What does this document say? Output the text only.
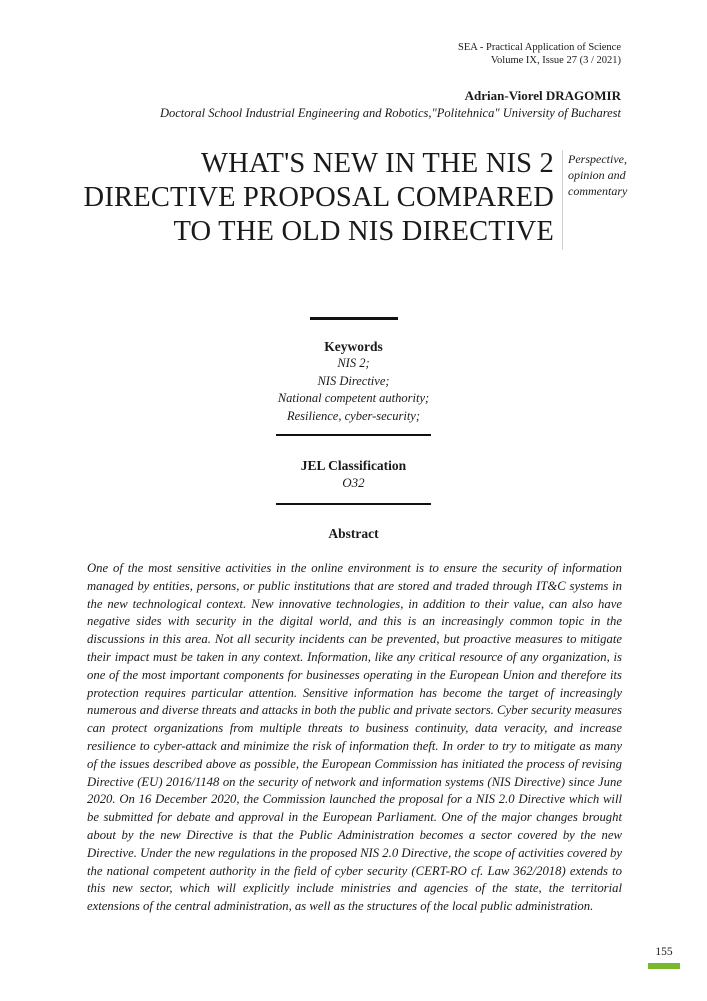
SEA - Practical Application of Science
Volume IX, Issue 27 (3 / 2021)
Adrian-Viorel DRAGOMIR
Doctoral School Industrial Engineering and Robotics,"Politehnica" University of Bucharest
WHAT'S NEW IN THE NIS 2
DIRECTIVE PROPOSAL COMPARED
TO THE OLD NIS DIRECTIVE
Perspective,
opinion and
commentary
Keywords
NIS 2;
NIS Directive;
National competent authority;
Resilience, cyber-security;
JEL Classification
O32
Abstract
One of the most sensitive activities in the online environment is to ensure the security of information managed by entities, persons, or public institutions that are stored and traded through IT&C systems in the new technological context. New innovative technologies, in addition to their value, can also have negative sides with security in the digital world, and this is an increasingly common topic in the discussions in this area. Not all security incidents can be prevented, but proactive measures to mitigate their impact must be taken in any context. Information, like any critical resource of any organization, is one of the most important components for businesses operating in the European Union and therefore its protection requires particular attention. Sensitive information has become the target of increasingly numerous and diverse threats and attacks in both the public and private sectors. Cyber security measures can protect organizations from multiple threats to business continuity, data veracity, and increase resilience to cyber-attack and minimize the risk of information theft. In order to try to mitigate as many of the issues described above as possible, the European Commission has initiated the process of revising Directive (EU) 2016/1148 on the security of network and information systems (NIS Directive) since June 2020. On 16 December 2020, the Commission launched the proposal for a NIS 2.0 Directive which will be submitted for debate and approval in the European Parliament. One of the major changes brought about by the new Directive is that the Public Administration becomes a sector covered by the new Directive. Under the new regulations in the proposed NIS 2.0 Directive, the scope of activities covered by the national competent authority in the field of cyber security (CERT-RO cf. Law 362/2018) extends to this new sector, which will explicitly include ministries and agencies of the state, the territorial extensions of the central administration, as well as the structures of the local public administration.
155
